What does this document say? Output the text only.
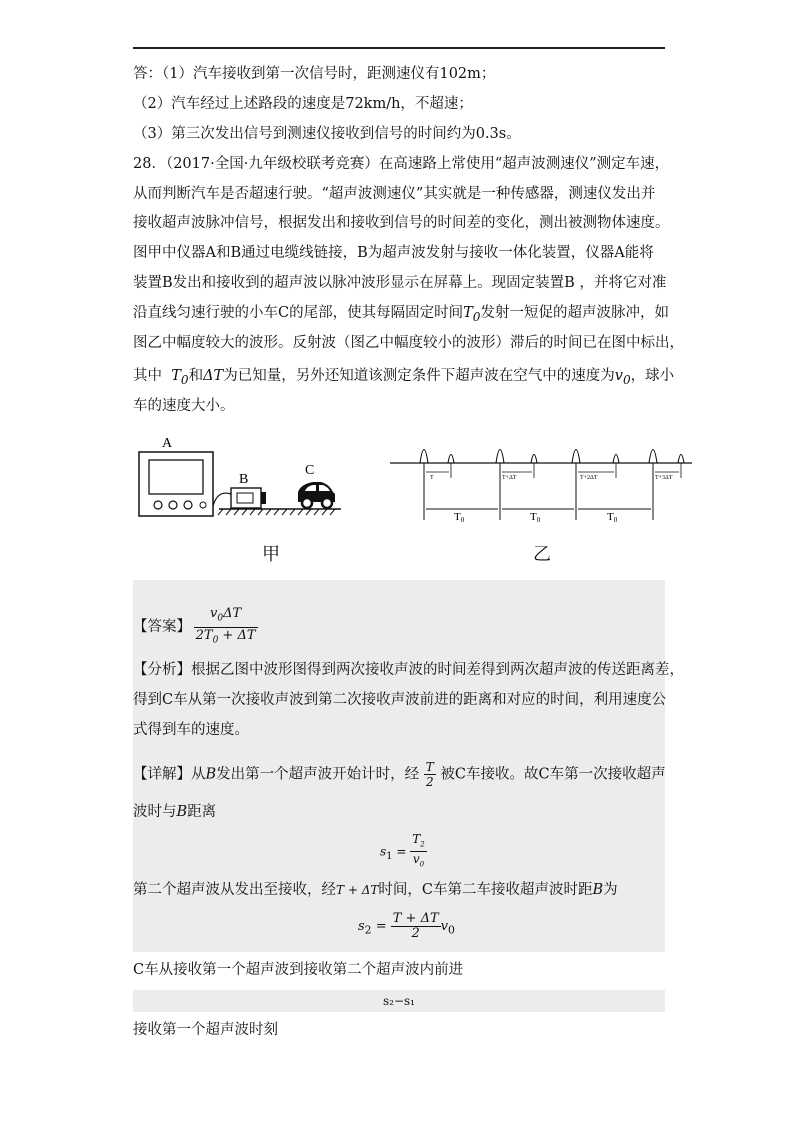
答：（1）汽车接收到第一次信号时，距测速仪有102m；
（2）汽车经过上述路段的速度是72km/h，不超速；
（3）第三次发出信号到测速仪接收到信号的时间约为0.3s。
28．（2017·全国·九年级校联考竞赛）在高速路上常使用“超声波测速仪”测定车速，
从而判断汽车是否超速行驶。“超声波测速仪”其实就是一种传感器，测速仪发出并
接收超声波脉冲信号，根据发出和接收到信号的时间差的变化，测出被测物体速度。
图甲中仪器A和B通过电缆线链接，B为超声波发射与接收一体化装置，仪器A能将
装置B发出和接收到的超声波以脉冲波形显示在屏幕上。现固定装置B ，并将它对准
沿直线匀速行驶的小车C的尾部，使其每隔固定时间$T_0$发射一短促的超声波脉冲，如
图乙中幅度较大的波形。反射波（图乙中幅度较小的波形）滞后的时间已在图中标出，
其中 $T_0$和ΔT为已知量，另外还知道该测定条件下超声波在空气中的速度为$v_0$，球小
车的速度大小。
A
B
C
甲
T	T+ΔT	T+2ΔT	T+3ΔT
T0	T0	T0
乙
【答案】 $\frac{v_0\Delta T}{2T_0 + \Delta T}$
【分析】根据乙图中波形图得到两次接收声波的时间差得到两次超声波的传送距离差，
得到C车从第一次接收声波到第二次接收声波前进的距离和对应的时间，利用速度公
式得到车的速度。
【详解】从B发出第一个超声波开始计时，经 $\frac{T}{2}$ 被C车接收。故C车第一次接收超声
波时与B距离
$s_1 = \frac{T_2}{v_0}$
第二个超声波从发出至接收，经T + ΔT时间，C车第二车接收超声波时距B为
$s_2 = \frac{T + \Delta T}{2} v_0$
C车从接收第一个超声波到接收第二个超声波内前进
s₂−s₁
接收第一个超声波时刻
